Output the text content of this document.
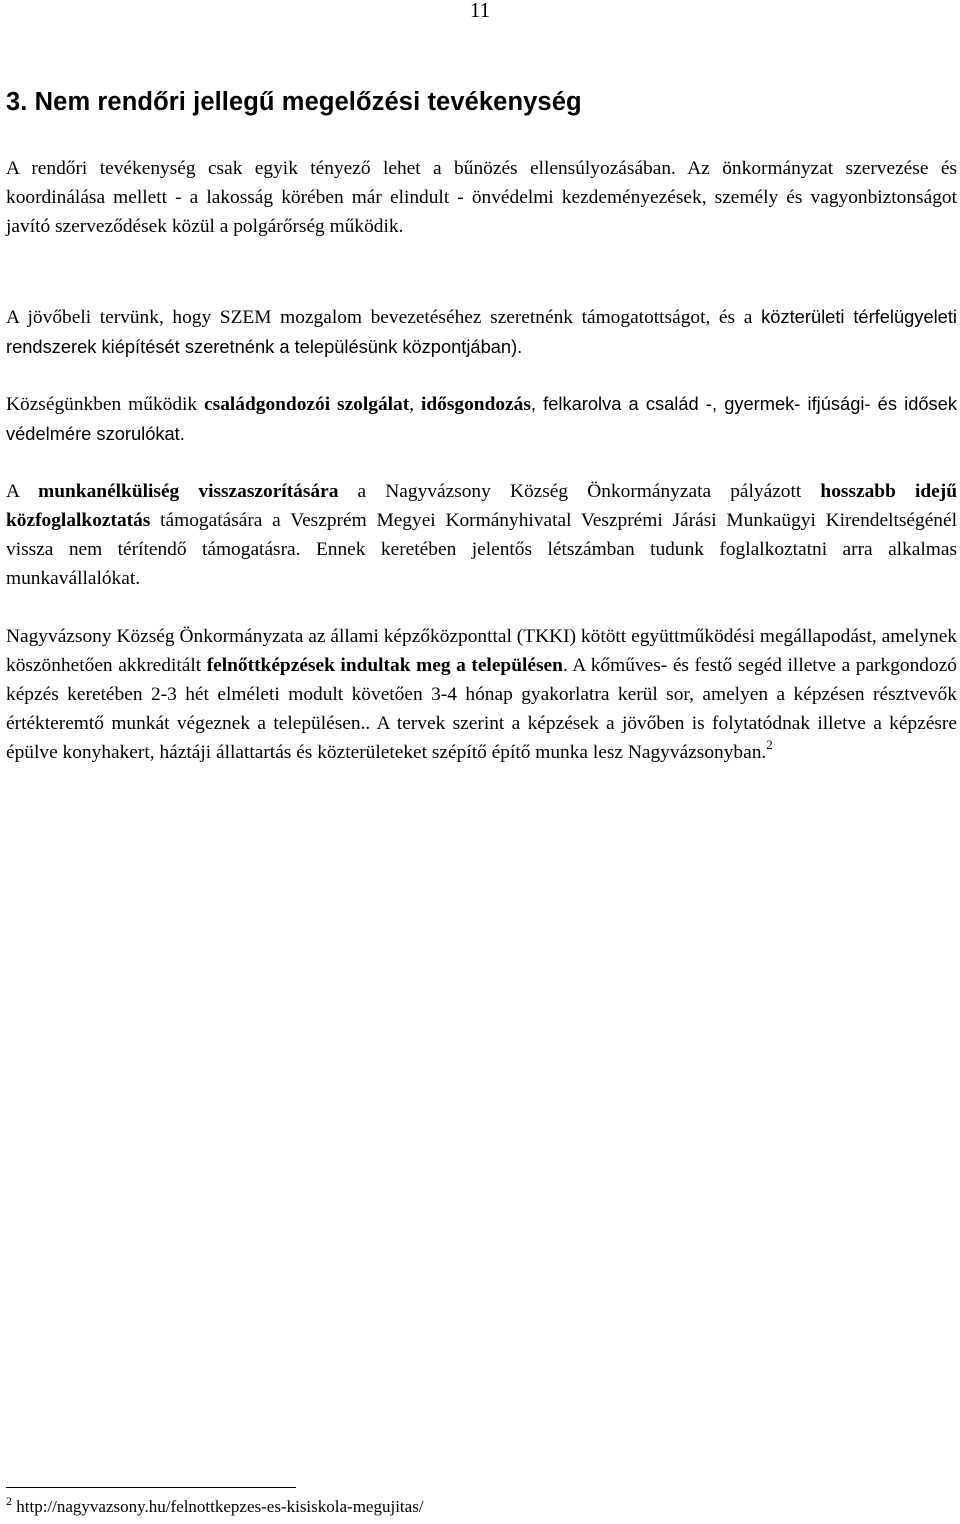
11
3. Nem rendőri jellegű megelőzési tevékenység

A rendőri tevékenység csak egyik tényező lehet a bűnözés ellensúlyozásában. Az önkormányzat szervezése és koordinálása mellett - a lakosság körében már elindult - önvédelmi kezdeményezések, személy és vagyonbiztonságot javító szerveződések közül a polgárőrség működik.

A jövőbeli tervünk, hogy SZEM mozgalom bevezetéséhez szeretnénk támogatottságot, és a közterületi térfelügyeleti rendszerek kiépítését szeretnénk a településünk központjában).

Községünkben működik családgondozói szolgálat, idősgondozás, felkarolva a család -, gyermek- ifjúsági- és idősek védelmére szorulókat.

A munkanélküliség visszaszorítására a Nagyvázsony Község Önkormányzata pályázott hosszabb idejű közfoglalkoztatás támogatására a Veszprém Megyei Kormányhivatal Veszprémi Járási Munkaügyi Kirendeltségénél vissza nem térítendő támogatásra. Ennek keretében jelentős létszámban tudunk foglalkoztatni arra alkalmas munkavállalókat.

Nagyvázsony Község Önkormányzata az állami képzőközponttal (TKKI) kötött együttműködési megállapodást, amelynek köszönhetően akkreditált felnőttképzések indultak meg a településen. A kőműves- és festő segéd illetve a parkgondozó képzés keretében 2-3 hét elméleti modult követően 3-4 hónap gyakorlatra kerül sor, amelyen a képzésen résztvevők értékteremtő munkát végeznek a településen.. A tervek szerint a képzések a jövőben is folytatódnak illetve a képzésre épülve konyhakert, háztáji állattartás és közterületeket szépítő építő munka lesz Nagyvázsonyban.$^2$

$^2$ http://nagyvazsony.hu/felnottkepzes-es-kisiskola-megujitas/
